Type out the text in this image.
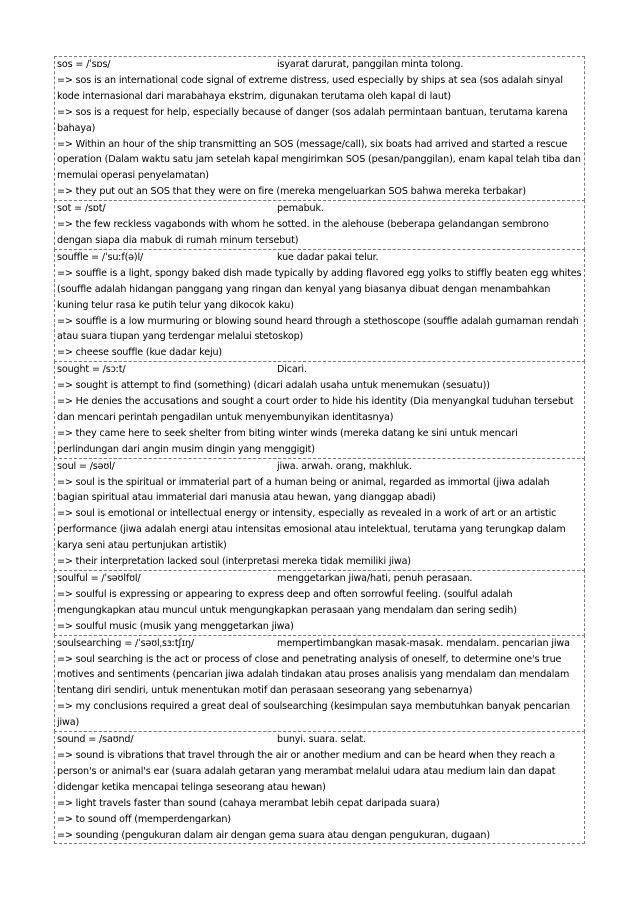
sos = /ˈsɒs/	isyarat darurat, panggilan minta tolong.
=> sos is an international code signal of extreme distress, used especially by ships at sea (sos adalah sinyal kode internasional dari marabahaya ekstrim, digunakan terutama oleh kapal di laut)
=> sos is a request for help, especially because of danger (sos adalah permintaan bantuan, terutama karena bahaya)
=> Within an hour of the ship transmitting an SOS (message/call), six boats had arrived and started a rescue operation (Dalam waktu satu jam setelah kapal mengirimkan SOS (pesan/panggilan), enam kapal telah tiba dan memulai operasi penyelamatan)
=> they put out an SOS that they were on fire (mereka mengeluarkan SOS bahwa mereka terbakar)
sot = /sɒt/	pemabuk.
=> the few reckless vagabonds with whom he sotted. in the alehouse (beberapa gelandangan sembrono dengan siapa dia mabuk di rumah minum tersebut)
souffle = /ˈsuːf(ə)l/	kue dadar pakai telur.
=> souffle is a light, spongy baked dish made typically by adding flavored egg yolks to stiffly beaten egg whites (souffle adalah hidangan panggang yang ringan dan kenyal yang biasanya dibuat dengan menambahkan kuning telur rasa ke putih telur yang dikocok kaku)
=> souffle is a low murmuring or blowing sound heard through a stethoscope (souffle adalah gumaman rendah atau suara tiupan yang terdengar melalui stetoskop)
=> cheese souffle (kue dadar keju)
sought = /sɔːt/	Dicari.
=> sought is attempt to find (something) (dicari adalah usaha untuk menemukan (sesuatu))
=> He denies the accusations and sought a court order to hide his identity (Dia menyangkal tuduhan tersebut dan mencari perintah pengadilan untuk menyembunyikan identitasnya)
=> they came here to seek shelter from biting winter winds (mereka datang ke sini untuk mencari perlindungan dari angin musim dingin yang menggigit)
soul = /səʊl/	jiwa. arwah. orang, makhluk.
=> soul is the spiritual or immaterial part of a human being or animal, regarded as immortal (jiwa adalah bagian spiritual atau immaterial dari manusia atau hewan, yang dianggap abadi)
=> soul is emotional or intellectual energy or intensity, especially as revealed in a work of art or an artistic performance (jiwa adalah energi atau intensitas emosional atau intelektual, terutama yang terungkap dalam karya seni atau pertunjukan artistik)
=> their interpretation lacked soul (interpretasi mereka tidak memiliki jiwa)
soulful = /ˈsəʊlfʊl/	menggetarkan jiwa/hati, penuh perasaan.
=> soulful is expressing or appearing to express deep and often sorrowful feeling. (soulful adalah mengungkapkan atau muncul untuk mengungkapkan perasaan yang mendalam dan sering sedih)
=> soulful music (musik yang menggetarkan jiwa)
soulsearching = /ˈsəʊlˌsɜːtʃɪŋ/	mempertimbangkan masak-masak. mendalam. pencarian jiwa
=> soul searching is the act or process of close and penetrating analysis of oneself, to determine one's true motives and sentiments (pencarian jiwa adalah tindakan atau proses analisis yang mendalam dan mendalam tentang diri sendiri, untuk menentukan motif dan perasaan seseorang yang sebenarnya)
=> my conclusions required a great deal of soulsearching (kesimpulan saya membutuhkan banyak pencarian jiwa)
sound = /saʊnd/	bunyi. suara. selat.
=> sound is vibrations that travel through the air or another medium and can be heard when they reach a person's or animal's ear (suara adalah getaran yang merambat melalui udara atau medium lain dan dapat didengar ketika mencapai telinga seseorang atau hewan)
=> light travels faster than sound (cahaya merambat lebih cepat daripada suara)
=> to sound off (memperdengarkan)
=> sounding (pengukuran dalam air dengan gema suara atau dengan pengukuran, dugaan)
